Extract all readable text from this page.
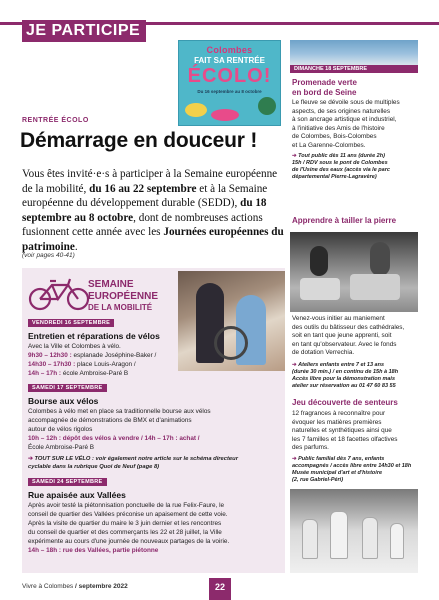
JE PARTICIPE
Colombes
FAIT SA RENTRÉE
ÉCOLO!
Du 16 septembre au 8 octobre
RENTRÉE ÉCOLO
Démarrage en douceur !
Vous êtes invité·e·s à participer à la Semaine européenne de la mobilité, du 16 au 22 septembre et à la Semaine européenne du développement durable (SEDD), du 18 septembre au 8 octobre, dont de nombreuses actions fusionnent cette année avec les Journées européennes du patrimoine.
(voir pages 40-41)
SEMAINE
EUROPÉENNE
DE LA MOBILITÉ
VENDREDI 16 SEPTEMBRE
Entretien et réparations de vélos
Avec la Ville et Colombes à vélo.
9h30 – 12h30 : esplanade Joséphine-Baker /
14h30 – 17h30 : place Louis-Aragon /
14h – 17h : école Ambroise-Paré B
SAMEDI 17 SEPTEMBRE
Bourse aux vélos
Colombes à vélo met en place sa traditionnelle bourse aux vélos
accompagnée de démonstrations de BMX et d'animations
autour de vélos rigolos
10h – 12h : dépôt des vélos à vendre / 14h – 17h : achat /
École Ambroise-Paré B
➔ TOUT SUR LE VÉLO : voir également notre article sur le schéma directeur
cyclable dans la rubrique Quoi de Neuf (page 8)
SAMEDI 24 SEPTEMBRE
Rue apaisée aux Vallées
Après avoir testé la piétonnisation ponctuelle de la rue Felix-Faure, le
conseil de quartier des Vallées préconise un apaisement de cette voie.
Après la visite de quartier du maire le 3 juin dernier et les rencontres
du conseil de quartier et des commerçants les 22 et 28 juillet, la Ville
expérimente au cours d'une journée de nouveaux partages de la voirie.
14h – 18h : rue des Vallées, partie piétonne
DIMANCHE 18 SEPTEMBRE
Promenade verte
en bord de Seine
Le fleuve se dévoile sous de multiples
aspects, de ses origines naturelles
à son ancrage artistique et industriel,
à l'initiative des Amis de l'histoire
de Colombes, Bois-Colombes
et La Garenne-Colombes.
➔ Tout public dès 11 ans (durée 2h)
15h / RDV sous le pont de Colombes
de l'Usine des eaux (accès via le parc
départemental Pierre-Lagravère)
Apprendre à tailler la pierre
Venez-vous initier au maniement
des outils du bâtisseur des cathédrales,
soit en tant que jeune apprenti, soit
en tant qu'observateur. Avec le fonds
de dotation Verrechia.
➔ Ateliers enfants entre 7 et 13 ans
(durée 30 min.) / en continu de 15h à 18h
Accès libre pour la démonstration mais
atelier sur réservation au 01 47 60 83 55
Jeu découverte de senteurs
12 fragrances à reconnaître pour
évoquer les matières premières
naturelles et synthétiques ainsi que
les 7 familles et 18 facettes olfactives
des parfums.
➔ Public familial dès 7 ans, enfants
accompagnés / accès libre entre 14h30 et 18h
Musée municipal d'art et d'histoire
(2, rue Gabriel-Péri)
Vivre à Colombes / septembre 2022	22
